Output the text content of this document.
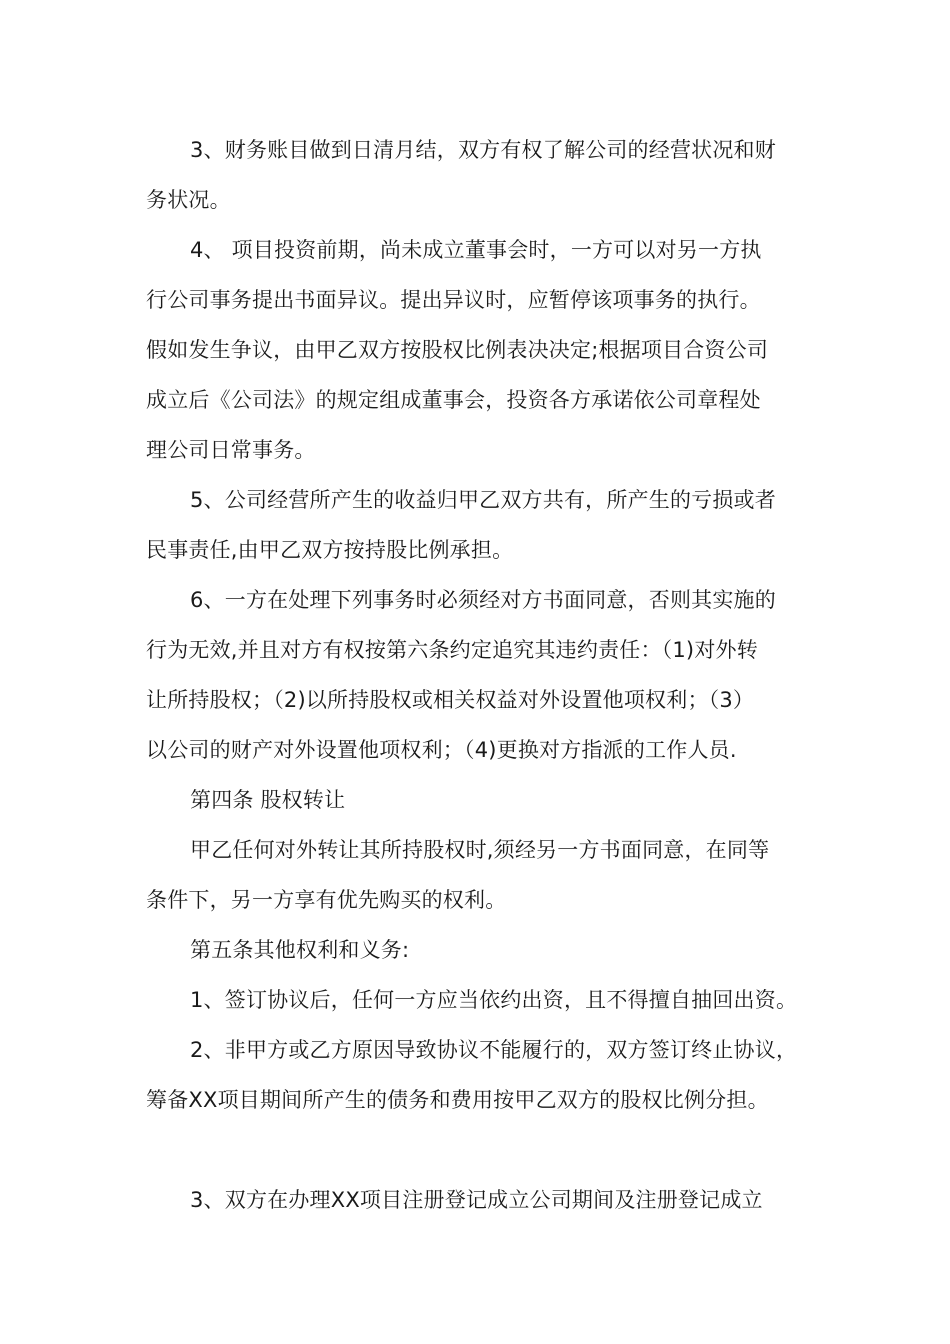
3、财务账目做到日清月结，双方有权了解公司的经营状况和财
务状况。
4、 项目投资前期，尚未成立董事会时，一方可以对另一方执
行公司事务提出书面异议。提出异议时，应暂停该项事务的执行。
假如发生争议，由甲乙双方按股权比例表决决定;根据项目合资公司
成立后《公司法》的规定组成董事会，投资各方承诺依公司章程处
理公司日常事务。
5、公司经营所产生的收益归甲乙双方共有，所产生的亏损或者
民事责任,由甲乙双方按持股比例承担。
6、一方在处理下列事务时必须经对方书面同意，否则其实施的
行为无效,并且对方有权按第六条约定追究其违约责任：（1)对外转
让所持股权；（2)以所持股权或相关权益对外设置他项权利；（3）
以公司的财产对外设置他项权利；（4)更换对方指派的工作人员.
第四条 股权转让
甲乙任何对外转让其所持股权时,须经另一方书面同意，在同等
条件下，另一方享有优先购买的权利。
第五条其他权利和义务:
1、签订协议后，任何一方应当依约出资，且不得擅自抽回出资。
2、非甲方或乙方原因导致协议不能履行的，双方签订终止协议，
筹备XX项目期间所产生的债务和费用按甲乙双方的股权比例分担。
3、双方在办理XX项目注册登记成立公司期间及注册登记成立
